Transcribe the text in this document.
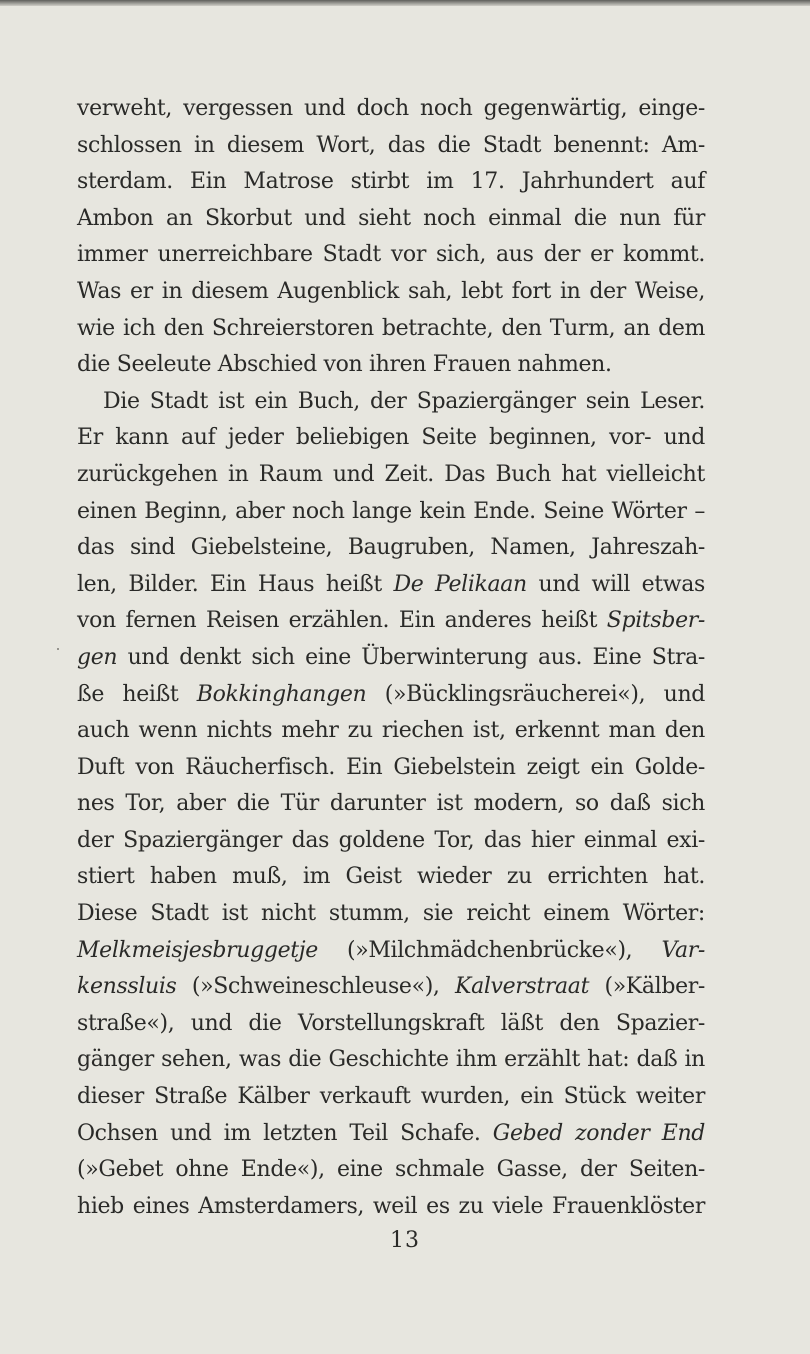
verweht, vergessen und doch noch gegenwärtig, einge-
schlossen in diesem Wort, das die Stadt benennt: Am-
sterdam. Ein Matrose stirbt im 17. Jahrhundert auf
Ambon an Skorbut und sieht noch einmal die nun für
immer unerreichbare Stadt vor sich, aus der er kommt.
Was er in diesem Augenblick sah, lebt fort in der Weise,
wie ich den Schreierstoren betrachte, den Turm, an dem
die Seeleute Abschied von ihren Frauen nahmen.
Die Stadt ist ein Buch, der Spaziergänger sein Leser.
Er kann auf jeder beliebigen Seite beginnen, vor- und
zurückgehen in Raum und Zeit. Das Buch hat vielleicht
einen Beginn, aber noch lange kein Ende. Seine Wörter –
das sind Giebelsteine, Baugruben, Namen, Jahreszah-
len, Bilder. Ein Haus heißt De Pelikaan und will etwas
von fernen Reisen erzählen. Ein anderes heißt Spitsber-
gen und denkt sich eine Überwinterung aus. Eine Stra-
ße heißt Bokkinghangen (»Bücklingsräucherei«), und
auch wenn nichts mehr zu riechen ist, erkennt man den
Duft von Räucherfisch. Ein Giebelstein zeigt ein Golde-
nes Tor, aber die Tür darunter ist modern, so daß sich
der Spaziergänger das goldene Tor, das hier einmal exi-
stiert haben muß, im Geist wieder zu errichten hat.
Diese Stadt ist nicht stumm, sie reicht einem Wörter:
Melkmeisjesbruggetje (»Milchmädchenbrücke«), Var-
kenssluis (»Schweineschleuse«), Kalverstraat (»Kälber-
straße«), und die Vorstellungskraft läßt den Spazier-
gänger sehen, was die Geschichte ihm erzählt hat: daß in
dieser Straße Kälber verkauft wurden, ein Stück weiter
Ochsen und im letzten Teil Schafe. Gebed zonder End
(»Gebet ohne Ende«), eine schmale Gasse, der Seiten-
hieb eines Amsterdamers, weil es zu viele Frauenklöster
13
